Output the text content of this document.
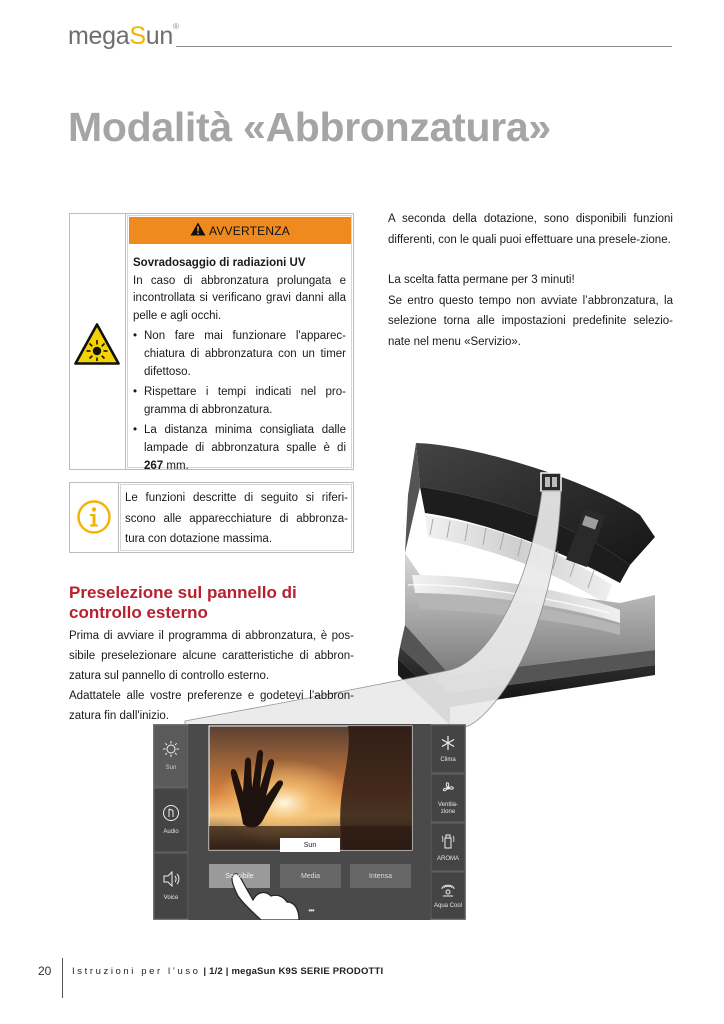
megaSun®
Modalità «Abbronzatura»
AVVERTENZA
Sovradosaggio di radiazioni UV
In caso di abbronzatura prolungata e incontrollata si verificano gravi danni alla pelle e agli occhi.
• Non fare mai funzionare l'apparec-chiatura di abbronzatura con un timer difettoso.
• Rispettare i tempi indicati nel pro-gramma di abbronzatura.
• La distanza minima consigliata dalle lampade di abbronzatura spalle è di 267 mm.
Le funzioni descritte di seguito si riferi-scono alle apparecchiature di abbronza-tura con dotazione massima.

A seconda della dotazione, sono disponibili funzioni differenti, con le quali puoi effettuare una presele-zione.

La scelta fatta permane per 3 minuti!

Se entro questo tempo non avviate l’abbronzatura, la selezione torna alle impostazioni predefinite selezio-nate nel menu «Servizio».

Sun
Audio
Voice
Clima
Ventila-
zione
AROMA
Aqua Cool
Sun
Sensibile	Media	Intensa
•••
Preselezione sul pannello di controllo esterno

Prima di avviare il programma di abbronzatura, è pos-sibile preselezionare alcune caratteristiche di abbron-zatura sul pannello di controllo esterno.

Adattatele alle vostre preferenze e godetevi l’abbron-zatura fin dall'inizio.

20 Istruzioni per l’uso | 1/2 | megaSun K9S SERIE PRODOTTI
